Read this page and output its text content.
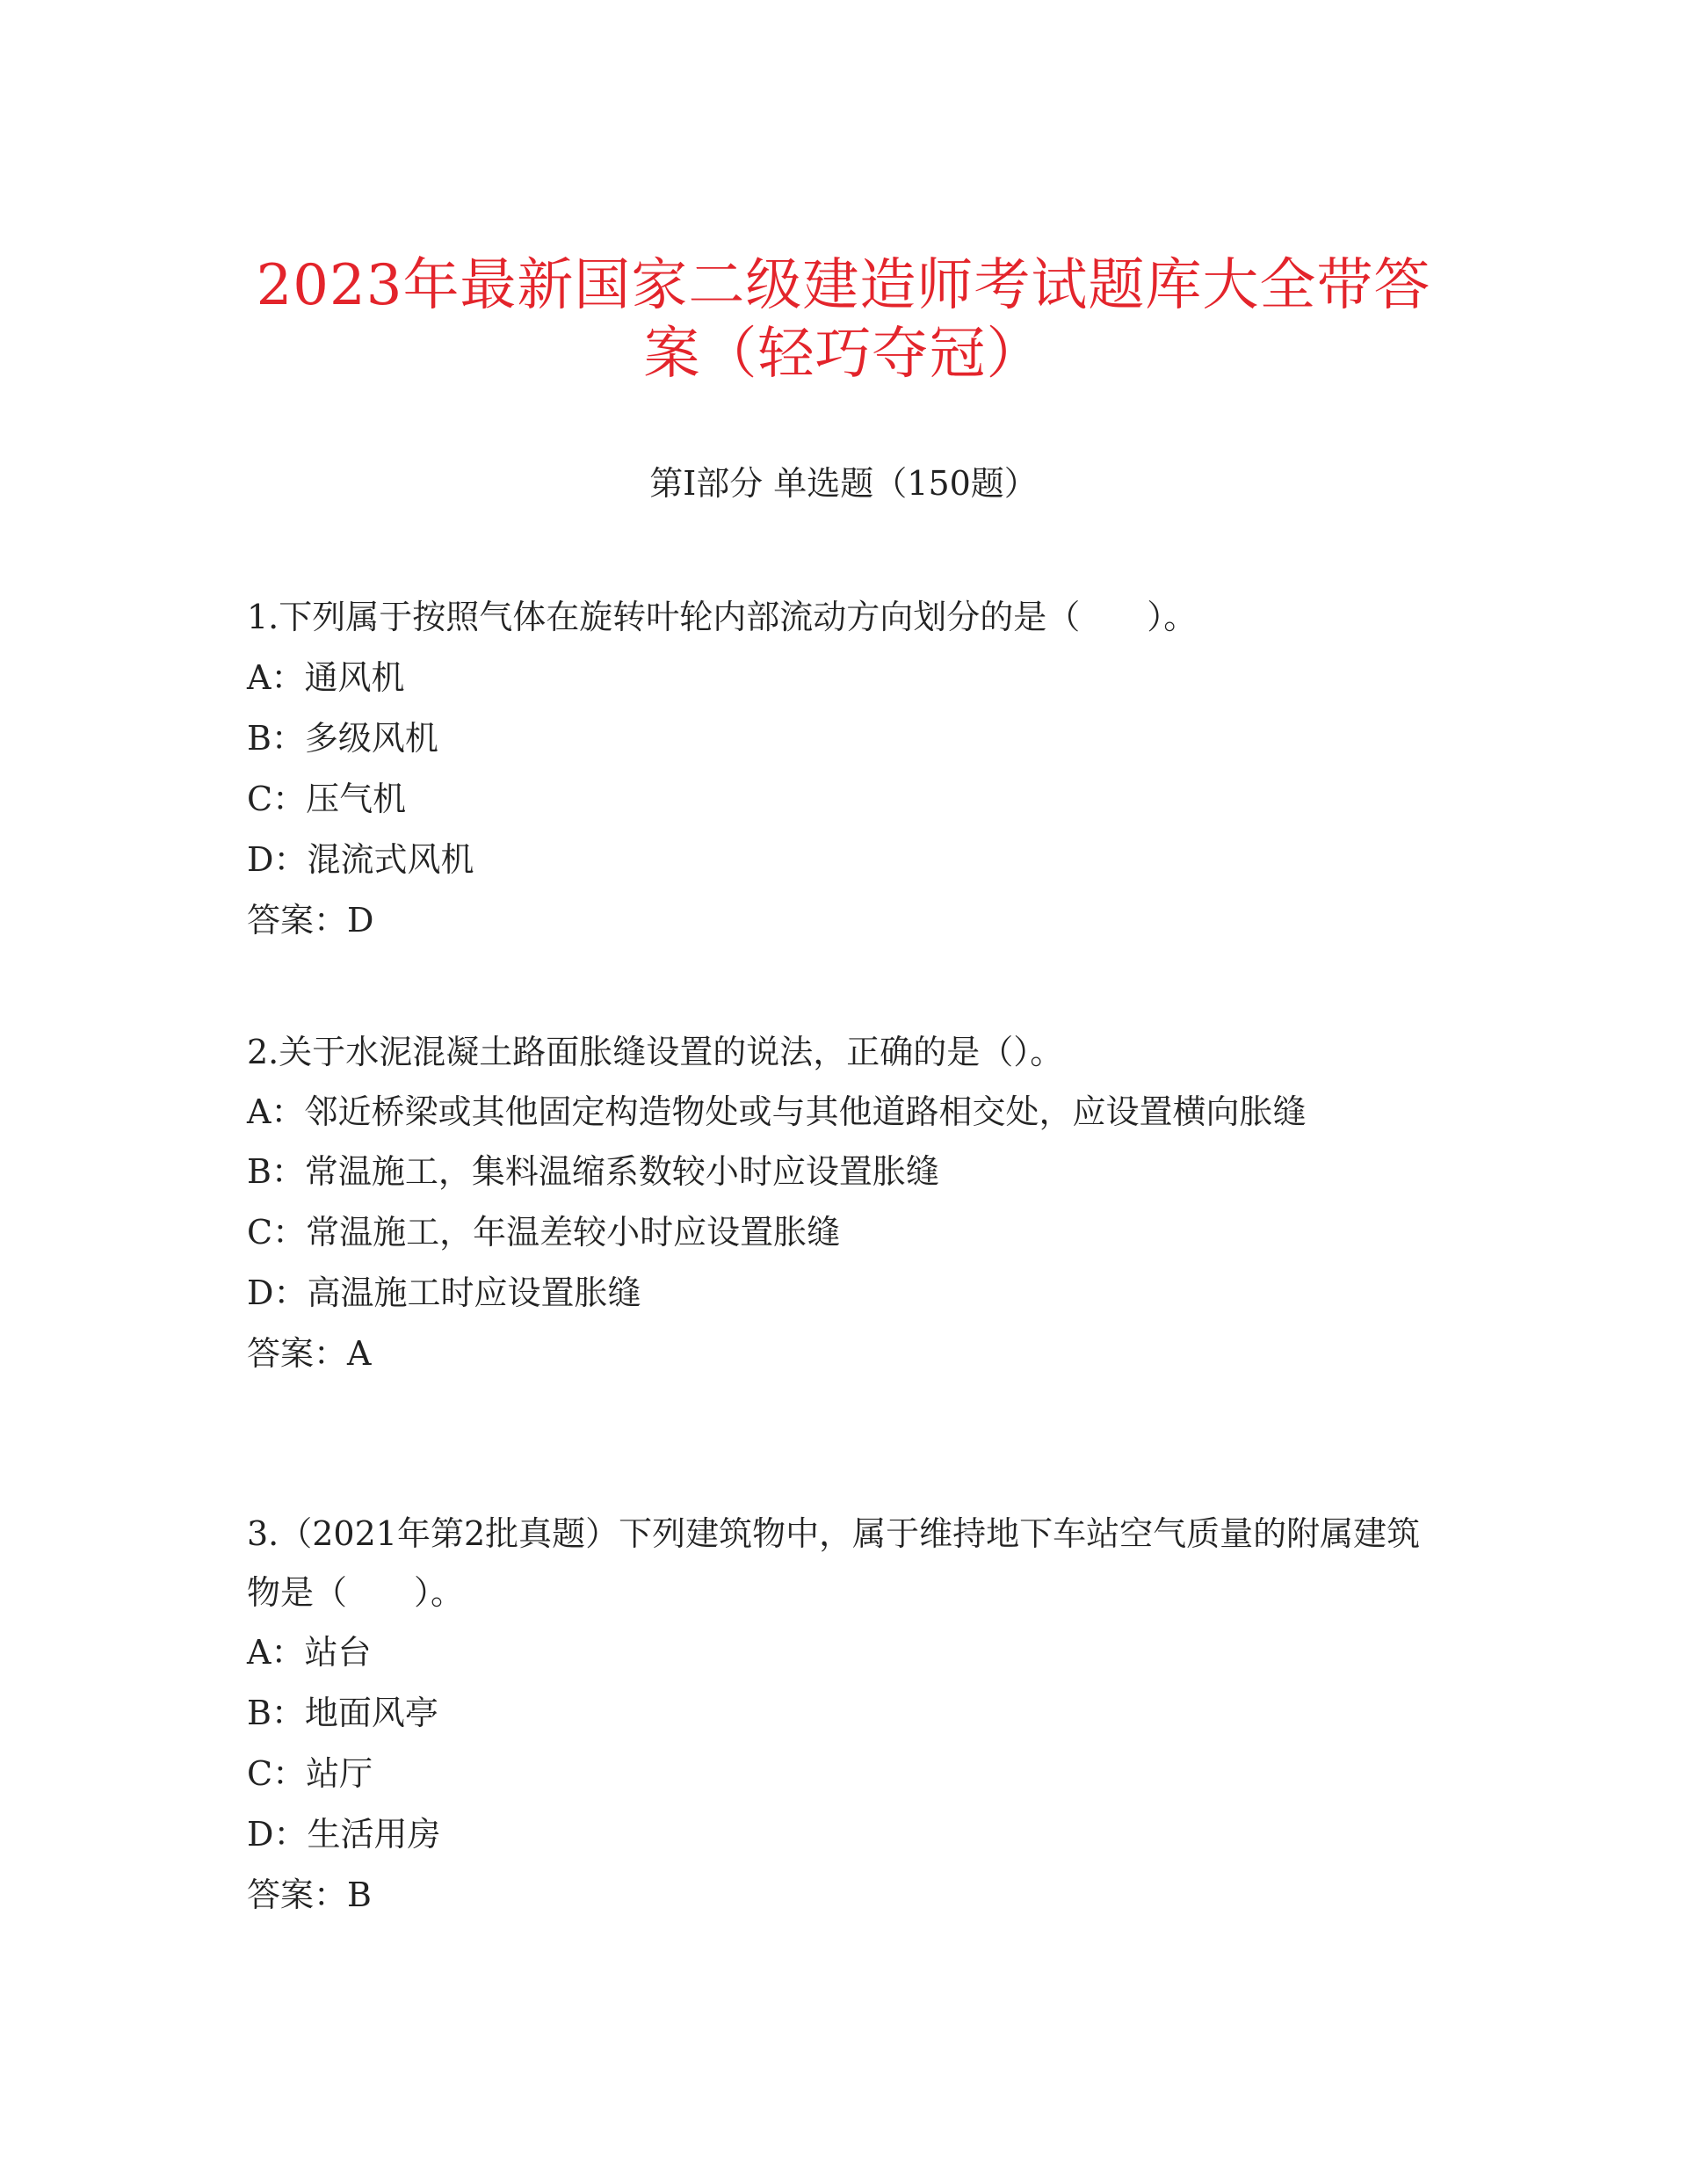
2023年最新国家二级建造师考试题库大全带答案（轻巧夺冠）
第I部分 单选题（150题）

1.下列属于按照气体在旋转叶轮内部流动方向划分的是（　　）。

A：通风机

B：多级风机

C：压气机

D：混流式风机

答案：D

2.关于水泥混凝土路面胀缝设置的说法，正确的是（）。

A：邻近桥梁或其他固定构造物处或与其他道路相交处，应设置横向胀缝

B：常温施工，集料温缩系数较小时应设置胀缝

C：常温施工，年温差较小时应设置胀缝

D：高温施工时应设置胀缝

答案：A

3.（2021年第2批真题）下列建筑物中，属于维持地下车站空气质量的附属建筑物是（　　）。

A：站台

B：地面风亭

C：站厅

D：生活用房

答案：B
